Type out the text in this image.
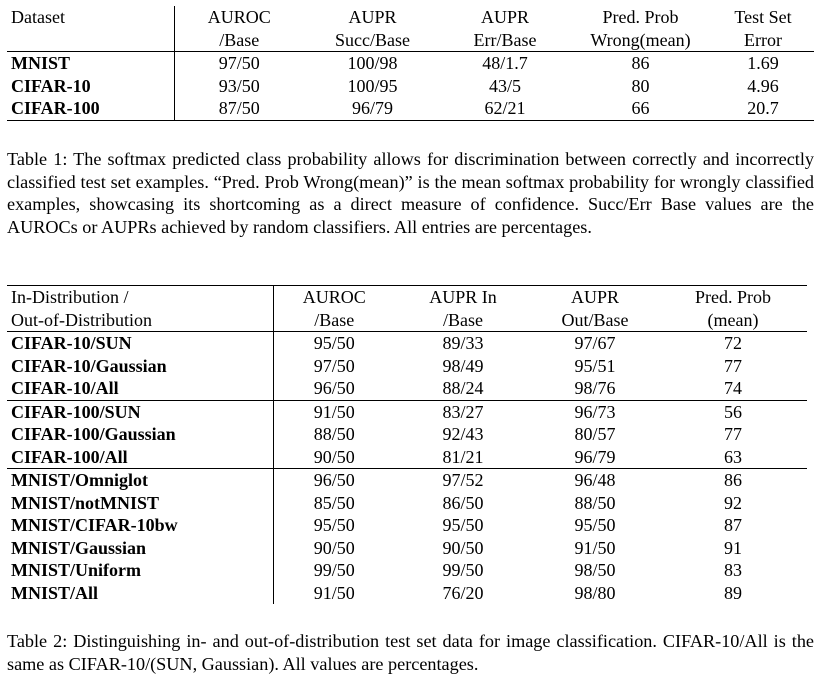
Dataset	AUROC	AUPR	AUPR	Pred. Prob	Test Set
	/Base	Succ/Base	Err/Base	Wrong(mean)	Error
MNIST	97/50	100/98	48/1.7	86	1.69
CIFAR-10	93/50	100/95	43/5	80	4.96
CIFAR-100	87/50	96/79	62/21	66	20.7
Table 1: The softmax predicted class probability allows for discrimination between correctly and incorrectly classified test set examples. “Pred. Prob Wrong(mean)” is the mean softmax probability for wrongly classified examples, showcasing its shortcoming as a direct measure of confidence. Succ/Err Base values are the AUROCs or AUPRs achieved by random classifiers. All entries are percentages.
In-Distribution /	AUROC	AUPR In	AUPR	Pred. Prob
Out-of-Distribution	/Base	/Base	Out/Base	(mean)
CIFAR-10/SUN	95/50	89/33	97/67	72
CIFAR-10/Gaussian	97/50	98/49	95/51	77
CIFAR-10/All	96/50	88/24	98/76	74
CIFAR-100/SUN	91/50	83/27	96/73	56
CIFAR-100/Gaussian	88/50	92/43	80/57	77
CIFAR-100/All	90/50	81/21	96/79	63
MNIST/Omniglot	96/50	97/52	96/48	86
MNIST/notMNIST	85/50	86/50	88/50	92
MNIST/CIFAR-10bw	95/50	95/50	95/50	87
MNIST/Gaussian	90/50	90/50	91/50	91
MNIST/Uniform	99/50	99/50	98/50	83
MNIST/All	91/50	76/20	98/80	89
Table 2: Distinguishing in- and out-of-distribution test set data for image classification. CIFAR-10/All is the same as CIFAR-10/(SUN, Gaussian). All values are percentages.
